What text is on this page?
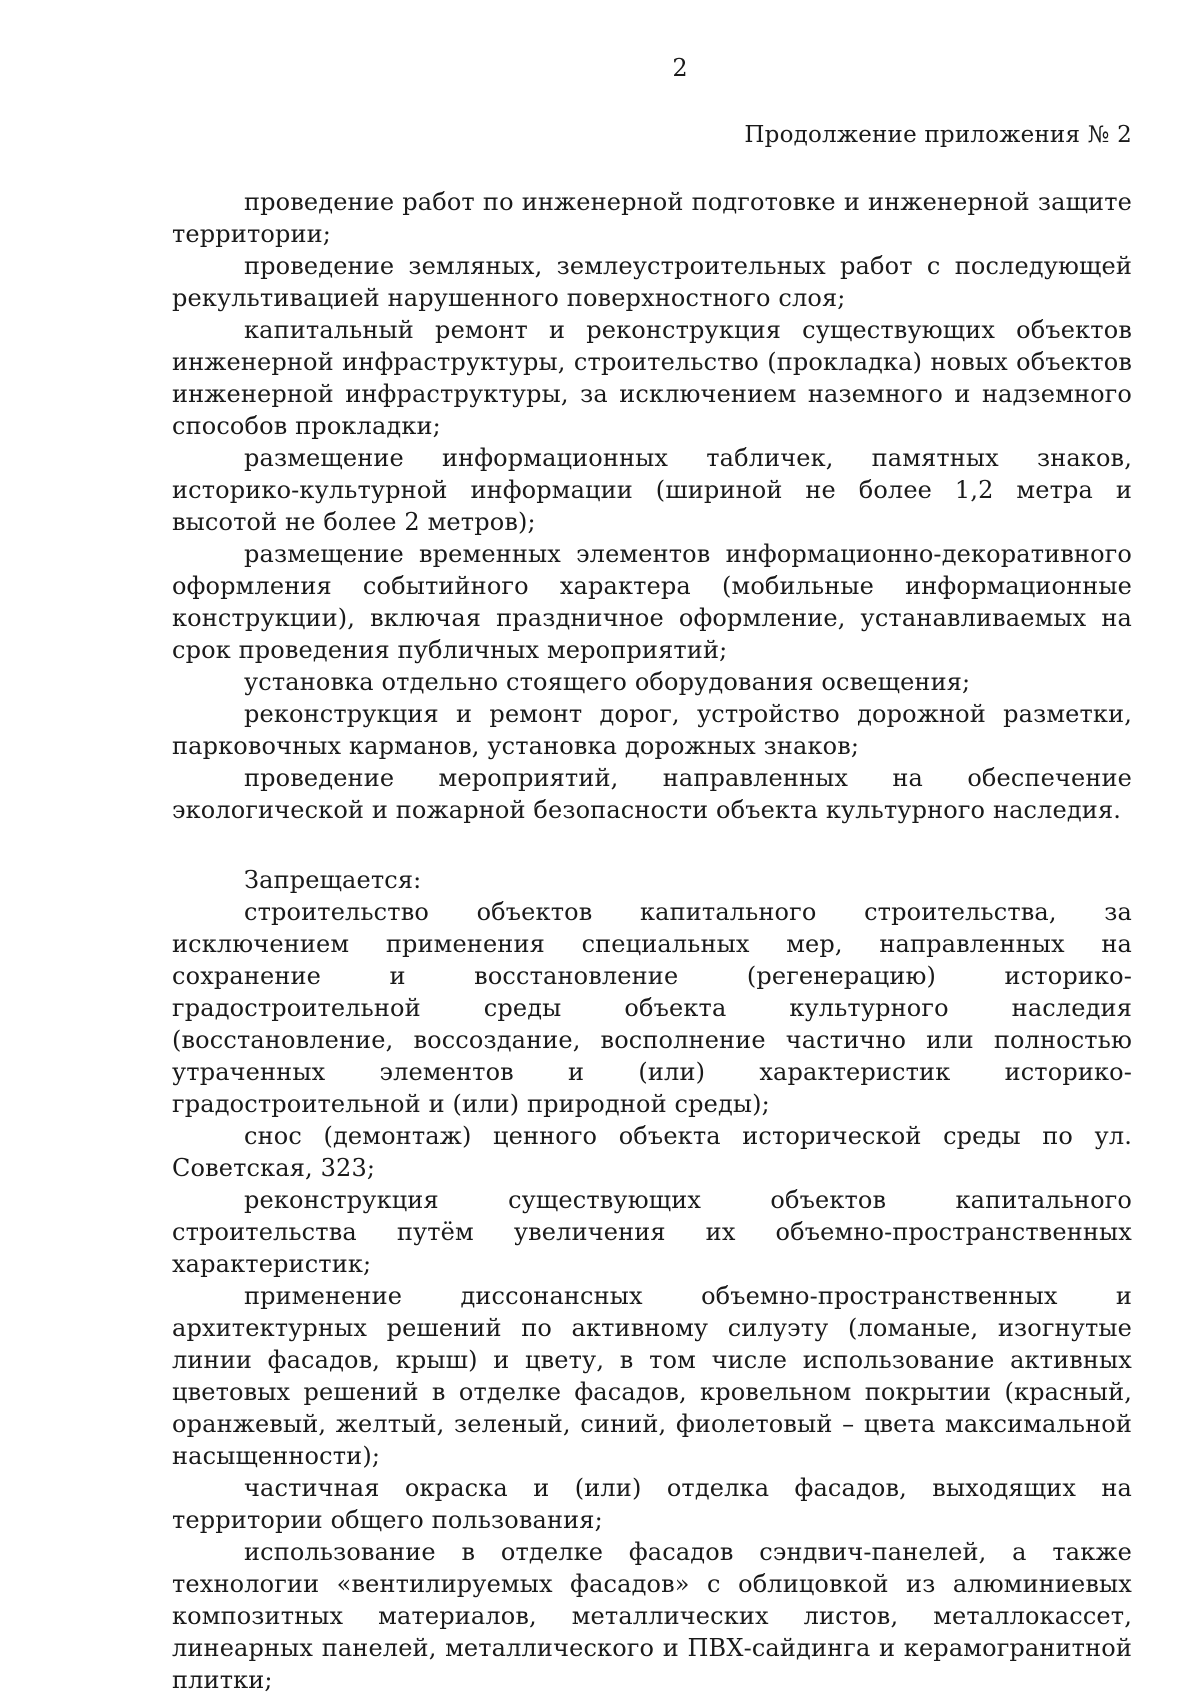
2
Продолжение приложения № 2

проведение работ по инженерной подготовке и инженерной защите территории;

проведение земляных, землеустроительных работ с последующей рекультивацией нарушенного поверхностного слоя;

капитальный ремонт и реконструкция существующих объектов инженерной инфраструктуры, строительство (прокладка) новых объектов инженерной инфраструктуры, за исключением наземного и надземного способов прокладки;

размещение информационных табличек, памятных знаков, историко-культурной информации (шириной не более 1,2 метра и высотой не более 2 метров);

размещение временных элементов информационно-декоративного оформления событийного характера (мобильные информационные конструкции), включая праздничное оформление, устанавливаемых на срок проведения публичных мероприятий;

установка отдельно стоящего оборудования освещения;

реконструкция и ремонт дорог, устройство дорожной разметки, парковочных карманов, установка дорожных знаков;

проведение мероприятий, направленных на обеспечение экологической и пожарной безопасности объекта культурного наследия.

Запрещается:

строительство объектов капитального строительства, за исключением применения специальных мер, направленных на сохранение и восстановление (регенерацию) историко-градостроительной среды объекта культурного наследия (восстановление, воссоздание, восполнение частично или полностью утраченных элементов и (или) характеристик историко-градостроительной и (или) природной среды);

снос (демонтаж) ценного объекта исторической среды по ул. Советская, 323;

реконструкция существующих объектов капитального строительства путём увеличения их объемно-пространственных характеристик;

применение диссонансных объемно-пространственных и архитектурных решений по активному силуэту (ломаные, изогнутые линии фасадов, крыш) и цвету, в том числе использование активных цветовых решений в отделке фасадов, кровельном покрытии (красный, оранжевый, желтый, зеленый, синий, фиолетовый – цвета максимальной насыщенности);

частичная окраска и (или) отделка фасадов, выходящих на территории общего пользования;

использование в отделке фасадов сэндвич-панелей, а также технологии «вентилируемых фасадов» с облицовкой из алюминиевых композитных материалов, металлических листов, металлокассет, линеарных панелей, металлического и ПВХ-сайдинга и керамогранитной плитки;
